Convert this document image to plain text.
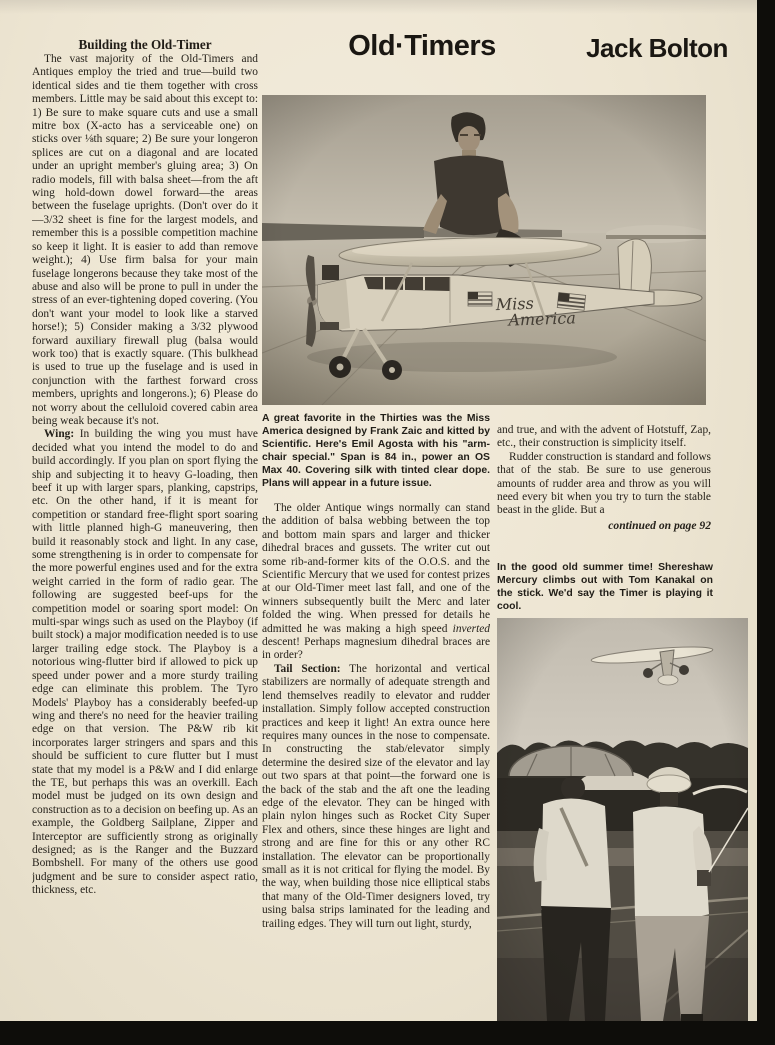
Building the Old-Timer	Old·Timers	Jack Bolton

The vast majority of the Old-Timers and Antiques employ the tried and true—build two identical sides and tie them together with cross members. Little may be said about this except to: 1) Be sure to make square cuts and use a small mitre box (X-acto has a serviceable one) on sticks over ⅛th square; 2) Be sure your longeron splices are cut on a diagonal and are located under an upright member's gluing area; 3) On radio models, fill with balsa sheet—from the aft wing hold-down dowel forward—the areas between the fuselage uprights. (Don't over do it—3/32 sheet is fine for the largest models, and remember this is a possible competition machine so keep it light. It is easier to add than remove weight.); 4) Use firm balsa for your main fuselage longerons because they take most of the abuse and also will be prone to pull in under the stress of an ever-tightening doped covering. (You don't want your model to look like a starved horse!); 5) Consider making a 3/32 plywood forward auxiliary firewall plug (balsa would work too) that is exactly square. (This bulkhead is used to true up the fuselage and is used in conjunction with the farthest forward cross members, uprights and longerons.); 6) Please do not worry about the celluloid covered cabin area being weak because it's not.

Wing: In building the wing you must have decided what you intend the model to do and build accordingly. If you plan on sport flying the ship and subjecting it to heavy G-loading, then beef it up with larger spars, planking, capstrips, etc. On the other hand, if it is meant for competition or standard free-flight sport soaring with little planned high-G maneuvering, then build it reasonably stock and light. In any case, some strengthening is in order to compensate for the more powerful engines used and for the extra weight carried in the form of radio gear. The following are suggested beef-ups for the competition model or soaring sport model: On multi-spar wings such as used on the Playboy (if built stock) a major modification needed is to use larger trailing edge stock. The Playboy is a notorious wing-flutter bird if allowed to pick up speed under power and a more sturdy trailing edge can eliminate this problem. The Tyro Models' Playboy has a considerably beefed-up wing and there's no need for the heavier trailing edge on that version. The P&W rib kit incorporates larger stringers and spars and this should be sufficient to cure flutter but I must state that my model is a P&W and I did enlarge the TE, but perhaps this was an overkill. Each model must be judged on its own design and construction as to a decision on beefing up. As an example, the Goldberg Sailplane, Zipper and Interceptor are sufficiently strong as originally designed; as is the Ranger and the Buzzard Bombshell. For many of the others use good judgment and be sure to consider aspect ratio, thickness, etc.

A great favorite in the Thirties was the Miss America designed by Frank Zaic and kitted by Scientific. Here's Emil Agosta with his "arm-chair special." Span is 84 in., power an OS Max 40. Covering silk with tinted clear dope. Plans will appear in a future issue.

The older Antique wings normally can stand the addition of balsa webbing between the top and bottom main spars and larger and thicker dihedral braces and gussets. The writer cut out some rib-and-former kits of the O.O.S. and the Scientific Mercury that we used for contest prizes at our Old-Timer meet last fall, and one of the winners subsequently built the Merc and later folded the wing. When pressed for details he admitted he was making a high speed inverted descent! Perhaps magnesium dihedral braces are in order?

Tail Section: The horizontal and vertical stabilizers are normally of adequate strength and lend themselves readily to elevator and rudder installation. Simply follow accepted construction practices and keep it light! An extra ounce here requires many ounces in the nose to compensate. In constructing the stab/elevator simply determine the desired size of the elevator and lay out two spars at that point—the forward one is the back of the stab and the aft one the leading edge of the elevator. They can be hinged with plain nylon hinges such as Rocket City Super Flex and others, since these hinges are light and strong and are fine for this or any other RC installation. The elevator can be proportionally small as it is not critical for flying the model. By the way, when building those nice elliptical stabs that many of the Old-Timer designers loved, try using balsa strips laminated for the leading and trailing edges. They will turn out light, sturdy,

and true, and with the advent of Hotstuff, Zap, etc., their construction is simplicity itself.

Rudder construction is standard and follows that of the stab. Be sure to use generous amounts of rudder area and throw as you will need every bit when you try to turn the stable beast in the glide. But a

continued on page 92
In the good old summer time! Shereshaw Mercury climbs out with Tom Kanakal on the stick. We'd say the Timer is playing it cool.
